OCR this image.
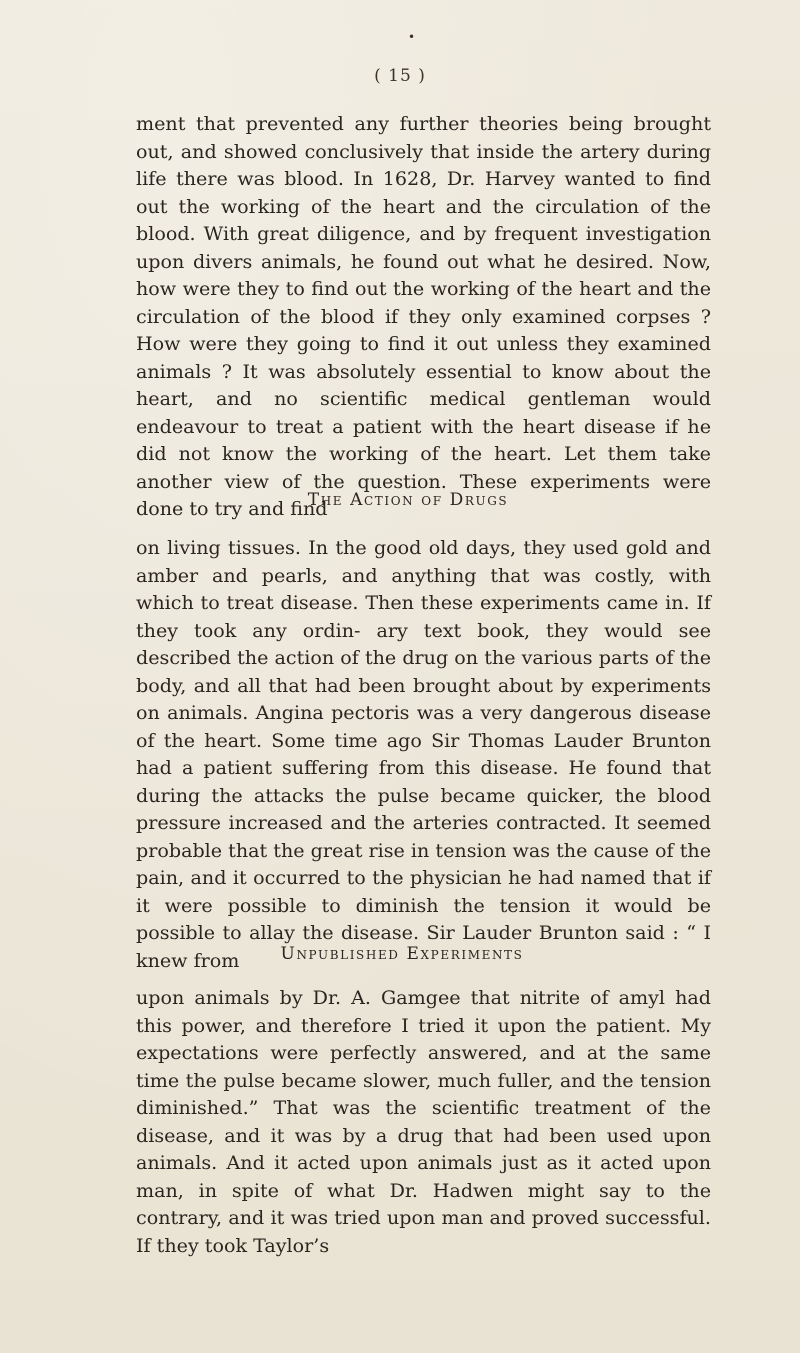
•
( 15 )

ment that prevented any further theories being brought out, and showed conclusively that inside the artery during life there was blood. In 1628, Dr. Harvey wanted to find out the working of the heart and the circulation of the blood. With great diligence, and by frequent investigation upon divers animals, he found out what he desired. Now, how were they to find out the working of the heart and the circulation of the blood if they only examined corpses ? How were they going to find it out unless they examined animals ? It was absolutely essential to know about the heart, and no scientific medical gentleman would endeavour to treat a patient with the heart disease if he did not know the working of the heart. Let them take another view of the question. These experiments were done to try and find

The Action of Drugs

on living tissues. In the good old days, they used gold and amber and pearls, and anything that was costly, with which to treat disease. Then these experiments came in. If they took any ordin- ary text book, they would see described the action of the drug on the various parts of the body, and all that had been brought about by experiments on animals. Angina pectoris was a very dangerous disease of the heart. Some time ago Sir Thomas Lauder Brunton had a patient suffering from this disease. He found that during the attacks the pulse became quicker, the blood pressure increased and the arteries contracted. It seemed probable that the great rise in tension was the cause of the pain, and it occurred to the physician he had named that if it were possible to diminish the tension it would be possible to allay the disease. Sir Lauder Brunton said : “ I knew from	Unpublished Experiments

upon animals by Dr. A. Gamgee that nitrite of amyl had this power, and therefore I tried it upon the patient. My expectations were perfectly answered, and at the same time the pulse became slower, much fuller, and the tension diminished.” That was the scientific treatment of the disease, and it was by a drug that had been used upon animals. And it acted upon animals just as it acted upon man, in spite of what Dr. Hadwen might say to the contrary, and it was tried upon man and proved successful. If they took Taylor’s
